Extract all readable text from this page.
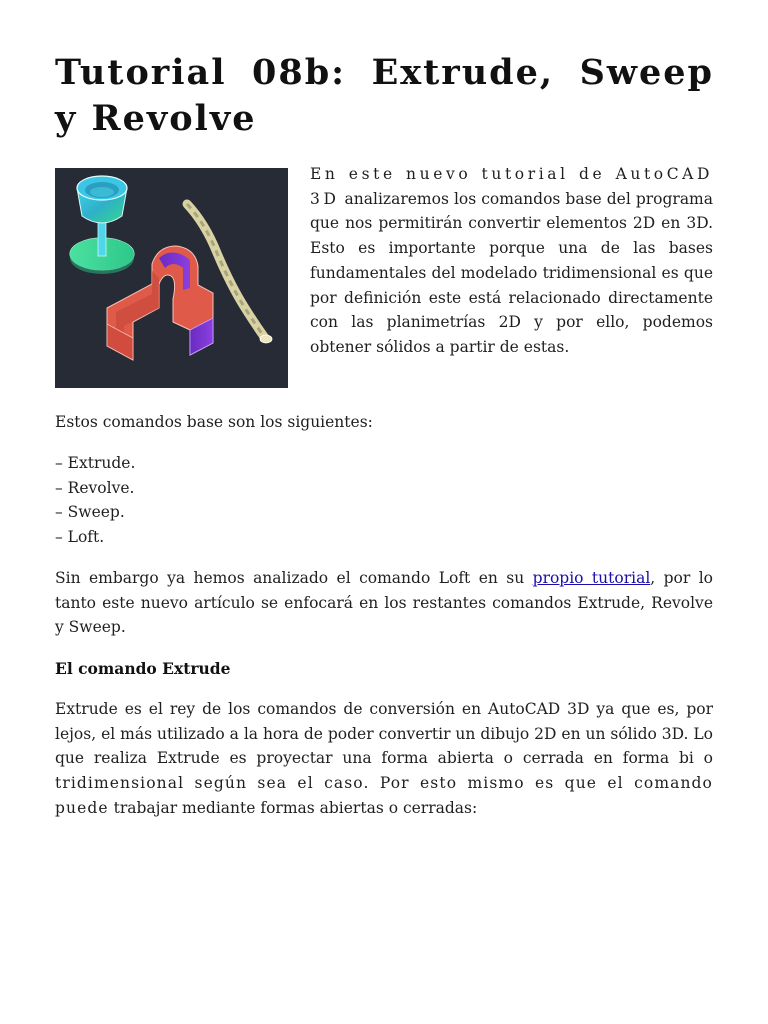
Tutorial 08b: Extrude, Sweep y Revolve

En este nuevo tutorial de AutoCAD 3D analizaremos los comandos base del programa que nos permitirán convertir elementos 2D en 3D. Esto es importante porque una de las bases fundamentales del modelado tridimensional es que por definición este está relacionado directamente con las planimetrías 2D y por ello, podemos obtener sólidos a partir de estas.

Estos comandos base son los siguientes:

– Extrude.
– Revolve.
– Sweep.
– Loft.

Sin embargo ya hemos analizado el comando Loft en su propio tutorial, por lo tanto este nuevo artículo se enfocará en los restantes comandos Extrude, Revolve y Sweep.

El comando Extrude

Extrude es el rey de los comandos de conversión en AutoCAD 3D ya que es, por lejos, el más utilizado a la hora de poder convertir un dibujo 2D en un sólido 3D. Lo que realiza Extrude es proyectar una forma abierta o cerrada en forma bi o tridimensional según sea el caso. Por esto mismo es que el comando puede trabajar mediante formas abiertas o cerradas:
